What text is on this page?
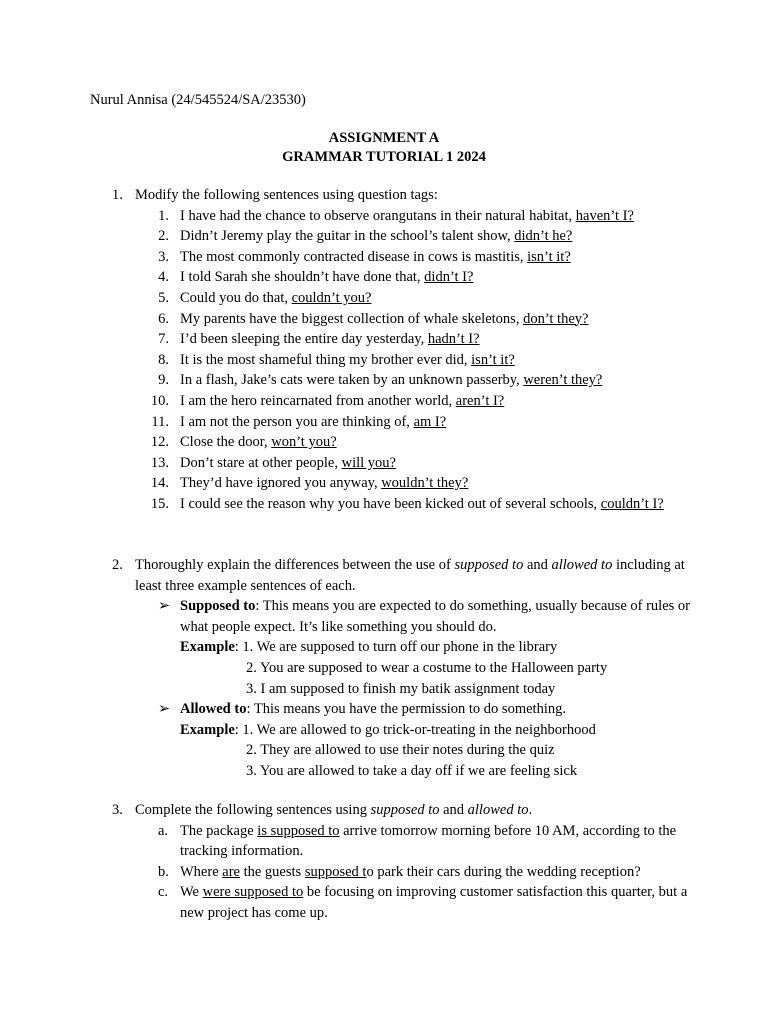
Nurul Annisa (24/545524/SA/23530)
ASSIGNMENT A
GRAMMAR TUTORIAL 1 2024
1. Modify the following sentences using question tags:
1. I have had the chance to observe orangutans in their natural habitat, haven’t I?
2. Didn’t Jeremy play the guitar in the school’s talent show, didn’t he?
3. The most commonly contracted disease in cows is mastitis, isn’t it?
4. I told Sarah she shouldn’t have done that, didn’t I?
5. Could you do that, couldn’t you?
6. My parents have the biggest collection of whale skeletons, don’t they?
7. I’d been sleeping the entire day yesterday, hadn’t I?
8. It is the most shameful thing my brother ever did, isn’t it?
9. In a flash, Jake’s cats were taken by an unknown passerby, weren’t they?
10. I am the hero reincarnated from another world, aren’t I?
11. I am not the person you are thinking of, am I?
12. Close the door, won’t you?
13. Don’t stare at other people, will you?
14. They’d have ignored you anyway, wouldn’t they?
15. I could see the reason why you have been kicked out of several schools, couldn’t I?
2. Thoroughly explain the differences between the use of supposed to and allowed to including at least three example sentences of each.
➢ Supposed to: This means you are expected to do something, usually because of rules or what people expect. It’s like something you should do.
Example: 1. We are supposed to turn off our phone in the library
2. You are supposed to wear a costume to the Halloween party
3. I am supposed to finish my batik assignment today
➢ Allowed to: This means you have the permission to do something.
Example: 1. We are allowed to go trick-or-treating in the neighborhood
2. They are allowed to use their notes during the quiz
3. You are allowed to take a day off if we are feeling sick
3. Complete the following sentences using supposed to and allowed to.
a. The package is supposed to arrive tomorrow morning before 10 AM, according to the tracking information.
b. Where are the guests supposed to park their cars during the wedding reception?
c. We were supposed to be focusing on improving customer satisfaction this quarter, but a new project has come up.
